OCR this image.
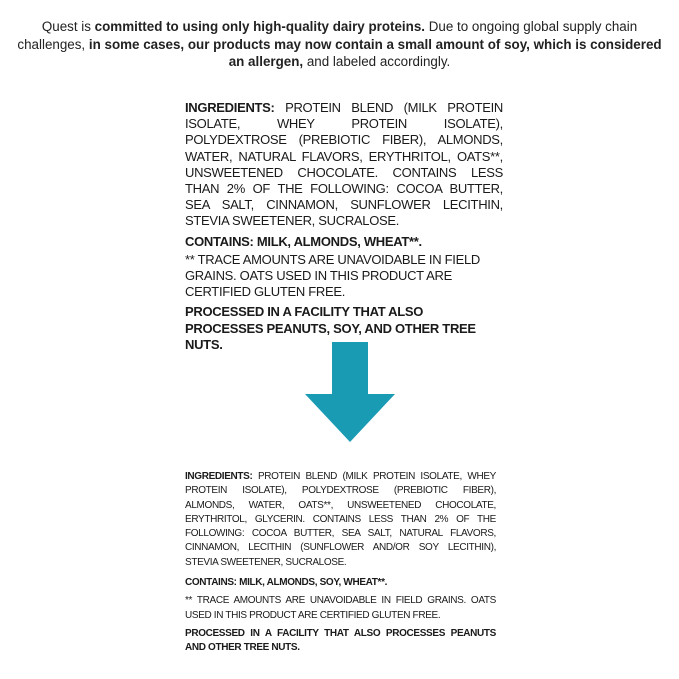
Quest is committed to using only high-quality dairy proteins. Due to ongoing global supply chain challenges, in some cases, our products may now contain a small amount of soy, which is considered an allergen, and labeled accordingly.

INGREDIENTS: PROTEIN BLEND (MILK PROTEIN ISOLATE, WHEY PROTEIN ISOLATE), POLYDEXTROSE (PREBIOTIC FIBER), ALMONDS, WATER, NATURAL FLAVORS, ERYTHRITOL, OATS**, UNSWEETENED CHOCOLATE. CONTAINS LESS THAN 2% OF THE FOLLOWING: COCOA BUTTER, SEA SALT, CINNAMON, SUNFLOWER LECITHIN, STEVIA SWEETENER, SUCRALOSE.

CONTAINS: MILK, ALMONDS, WHEAT**.

** TRACE AMOUNTS ARE UNAVOIDABLE IN FIELD GRAINS. OATS USED IN THIS PRODUCT ARE CERTIFIED GLUTEN FREE.

PROCESSED IN A FACILITY THAT ALSO PROCESSES PEANUTS, SOY, AND OTHER TREE NUTS.

INGREDIENTS: PROTEIN BLEND (MILK PROTEIN ISOLATE, WHEY PROTEIN ISOLATE), POLYDEXTROSE (PREBIOTIC FIBER), ALMONDS, WATER, OATS**, UNSWEETENED CHOCOLATE, ERYTHRITOL, GLYCERIN. CONTAINS LESS THAN 2% OF THE FOLLOWING: COCOA BUTTER, SEA SALT, NATURAL FLAVORS, CINNAMON, LECITHIN (SUNFLOWER AND/OR SOY LECITHIN), STEVIA SWEETENER, SUCRALOSE.

CONTAINS: MILK, ALMONDS, SOY, WHEAT**.

** TRACE AMOUNTS ARE UNAVOIDABLE IN FIELD GRAINS. OATS USED IN THIS PRODUCT ARE CERTIFIED GLUTEN FREE.

PROCESSED IN A FACILITY THAT ALSO PROCESSES PEANUTS AND OTHER TREE NUTS.
